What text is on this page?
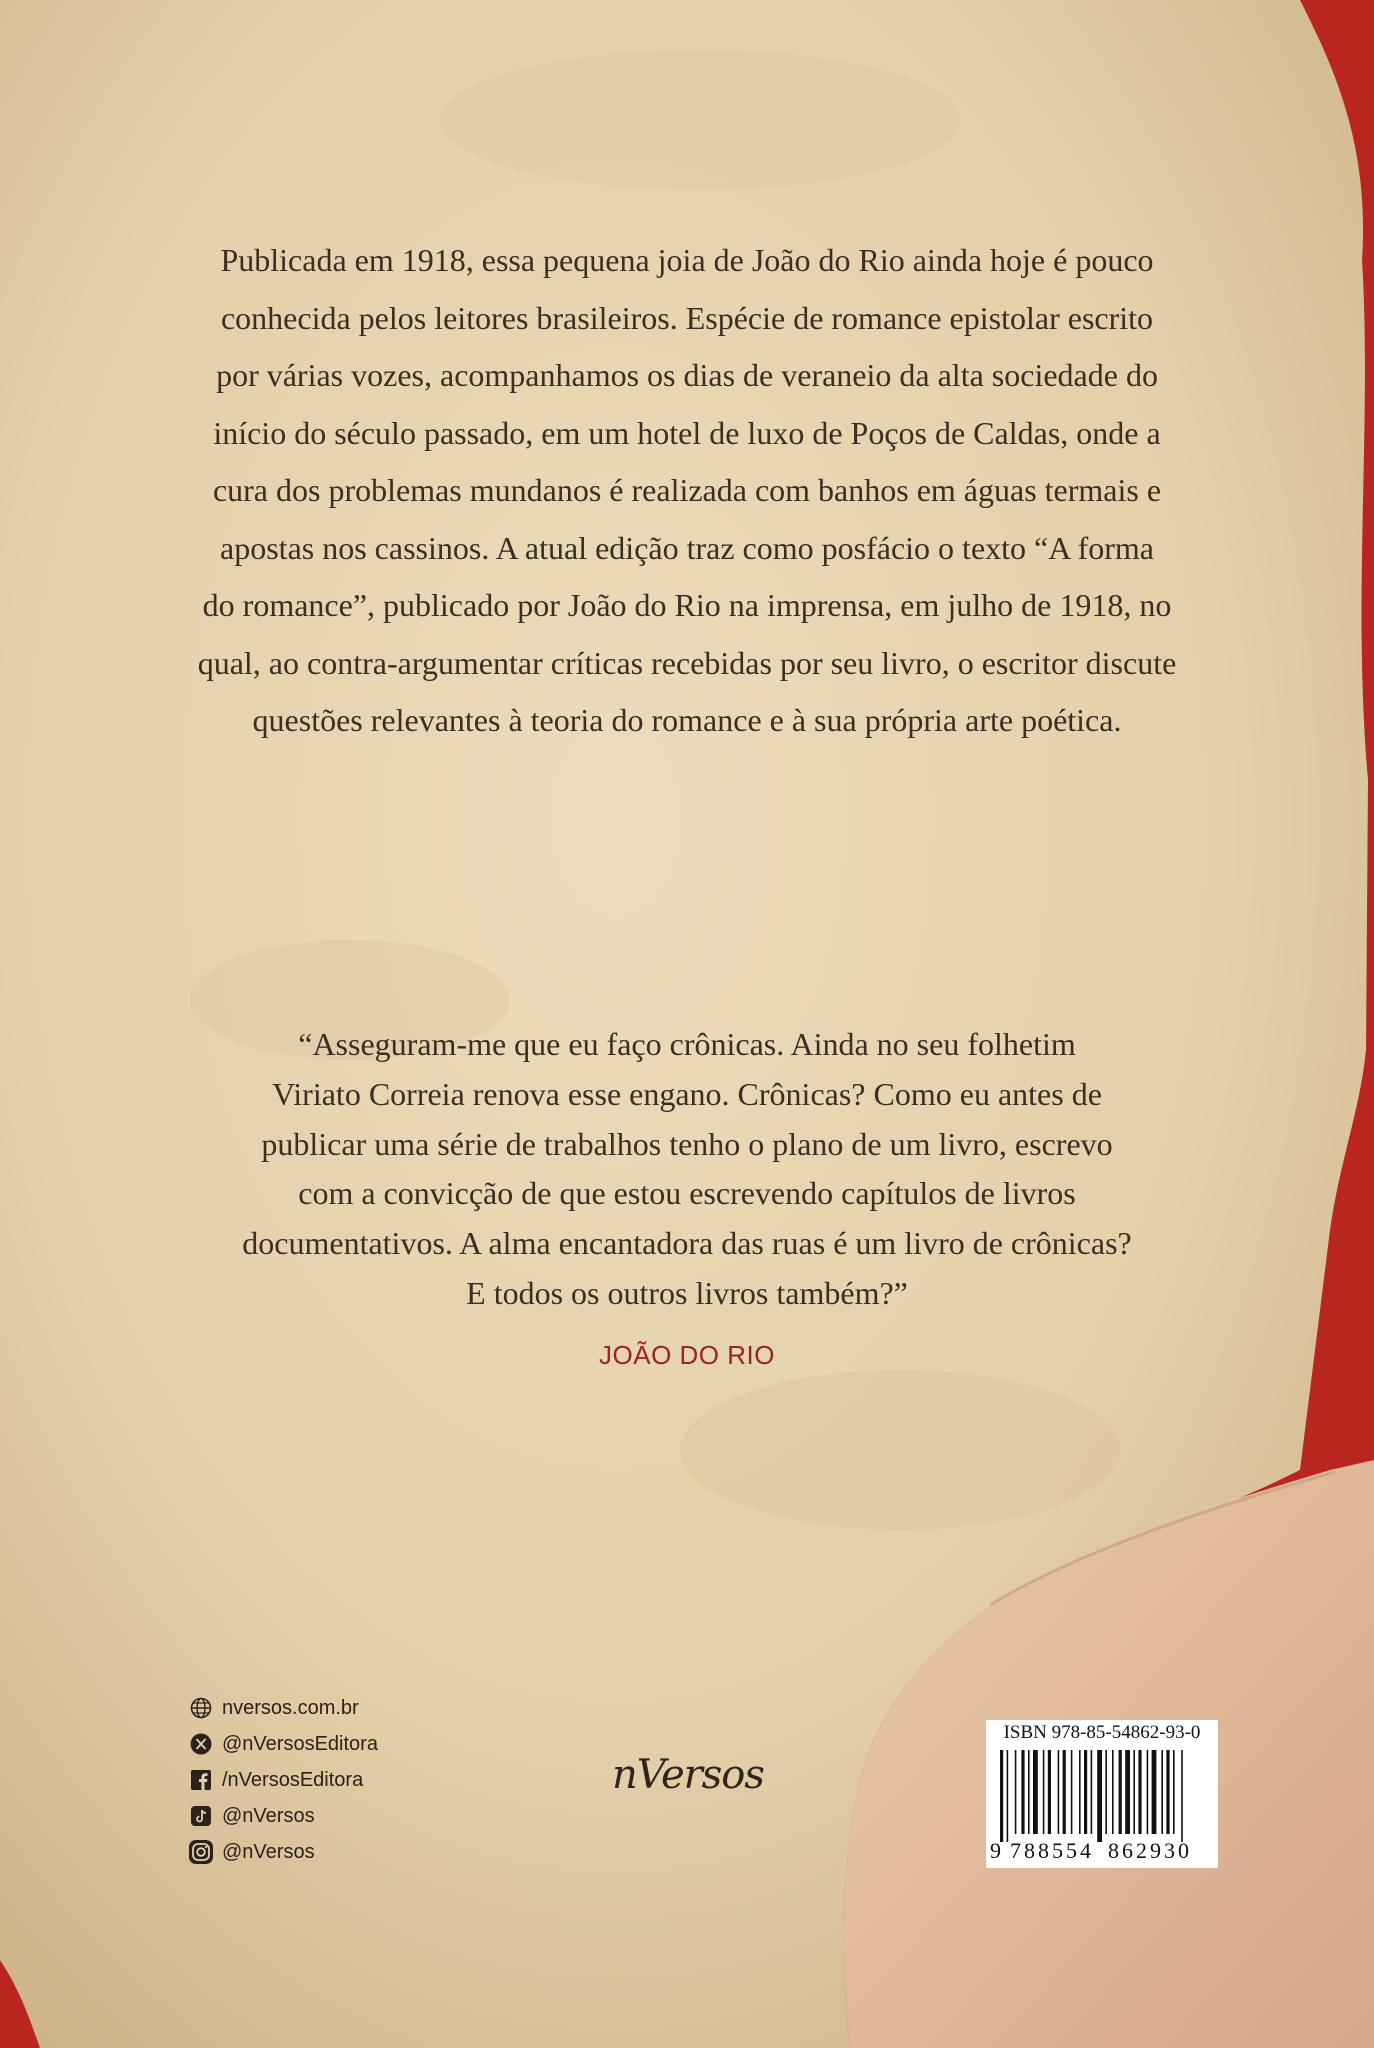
Publicada em 1918, essa pequena joia de João do Rio ainda hoje é pouco
conhecida pelos leitores brasileiros. Espécie de romance epistolar escrito
por várias vozes, acompanhamos os dias de veraneio da alta sociedade do
início do século passado, em um hotel de luxo de Poços de Caldas, onde a
cura dos problemas mundanos é realizada com banhos em águas termais e
apostas nos cassinos. A atual edição traz como posfácio o texto “A forma
do romance”, publicado por João do Rio na imprensa, em julho de 1918, no
qual, ao contra-argumentar críticas recebidas por seu livro, o escritor discute
questões relevantes à teoria do romance e à sua própria arte poética.
“Asseguram-me que eu faço crônicas. Ainda no seu folhetim
Viriato Correia renova esse engano. Crônicas? Como eu antes de
publicar uma série de trabalhos tenho o plano de um livro, escrevo
com a convicção de que estou escrevendo capítulos de livros
documentativos. A alma encantadora das ruas é um livro de crônicas?
E todos os outros livros também?”
JOÃO DO RIO
nversos.com.br
@nVersosEditora
/nVersosEditora
@nVersos
@nVersos
nVersos
ISBN 978-85-54862-93-0
9 788554 862930
